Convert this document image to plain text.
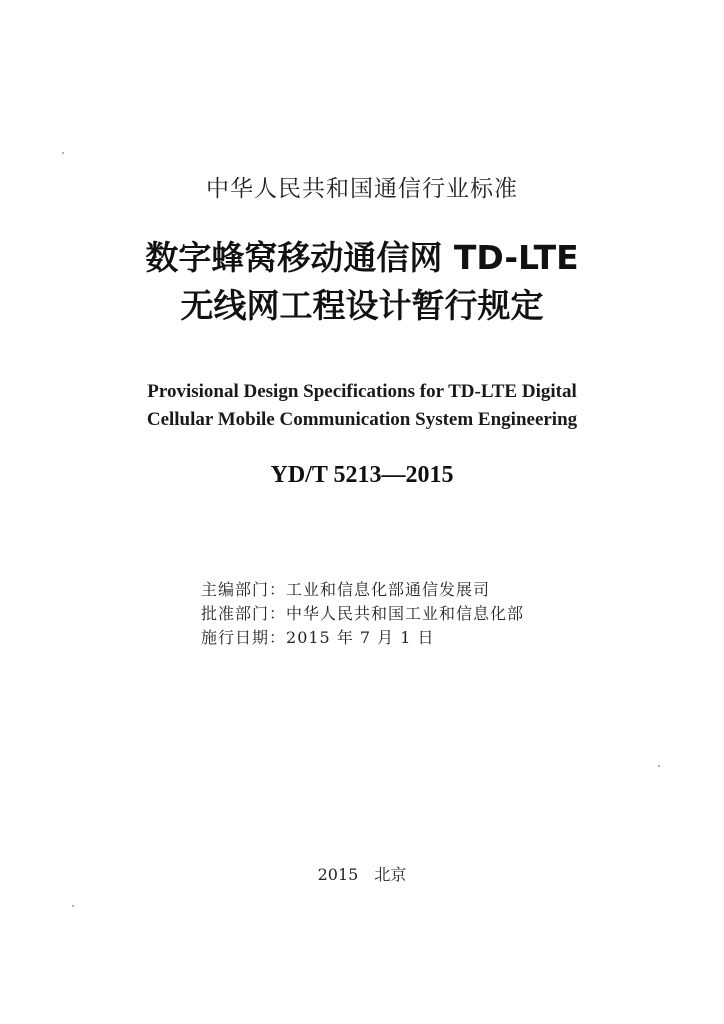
中华人民共和国通信行业标准
数字蜂窝移动通信网 TD-LTE
无线网工程设计暂行规定
Provisional Design Specifications for TD-LTE Digital
Cellular Mobile Communication System Engineering
YD/T 5213—2015
主编部门： 工业和信息化部通信发展司
批准部门： 中华人民共和国工业和信息化部
施行日期： 2015 年 7 月 1 日
2015 北京
